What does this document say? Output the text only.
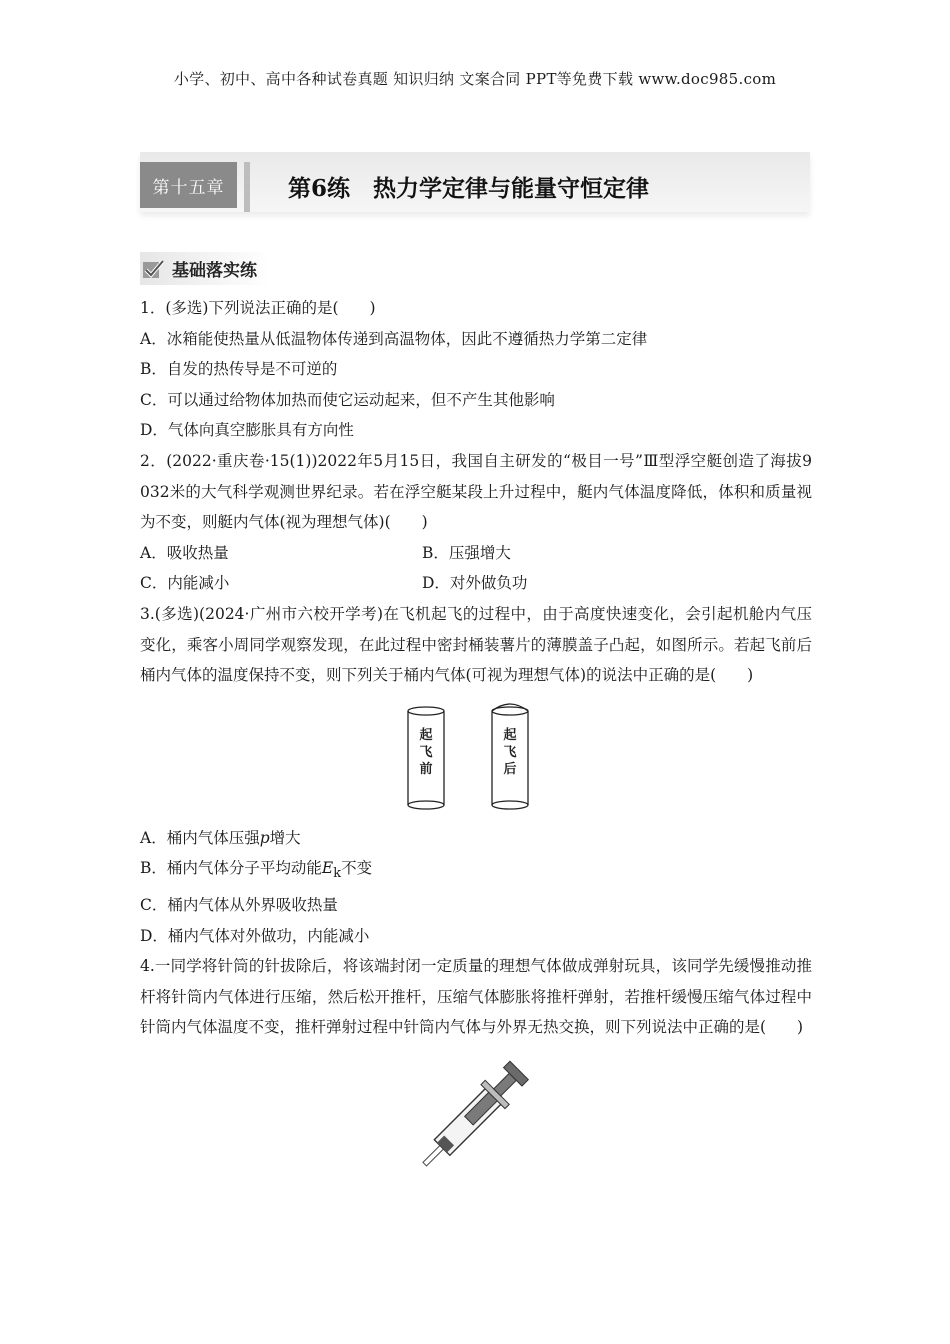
小学、初中、高中各种试卷真题 知识归纳 文案合同 PPT等免费下载 www.doc985.com
第十五章	第6练　热力学定律与能量守恒定律
基础落实练

1．(多选)下列说法正确的是(　　)

A．冰箱能使热量从低温物体传递到高温物体，因此不遵循热力学第二定律

B．自发的热传导是不可逆的

C．可以通过给物体加热而使它运动起来，但不产生其他影响

D．气体向真空膨胀具有方向性

2．(2022·重庆卷·15(1))2022年5月15日，我国自主研发的“极目一号”Ⅲ型浮空艇创造了海拔9 032米的大气科学观测世界纪录。若在浮空艇某段上升过程中，艇内气体温度降低，体积和质量视为不变，则艇内气体(视为理想气体)(　　)

A．吸收热量	B．压强增大

C．内能减小	D．对外做负功

3.(多选)(2024·广州市六校开学考)在飞机起飞的过程中，由于高度快速变化，会引起机舱内气压变化，乘客小周同学观察发现，在此过程中密封桶装薯片的薄膜盖子凸起，如图所示。若起飞前后桶内气体的温度保持不变，则下列关于桶内气体(可视为理想气体)的说法中正确的是(　　)

起
飞
前
起
飞
后

A．桶内气体压强p增大

B．桶内气体分子平均动能$E_k$不变

C．桶内气体从外界吸收热量

D．桶内气体对外做功，内能减小

4.一同学将针筒的针拔除后，将该端封闭一定质量的理想气体做成弹射玩具，该同学先缓慢推动推杆将针筒内气体进行压缩，然后松开推杆，压缩气体膨胀将推杆弹射，若推杆缓慢压缩气体过程中针筒内气体温度不变，推杆弹射过程中针筒内气体与外界无热交换，则下列说法中正确的是(　　)
